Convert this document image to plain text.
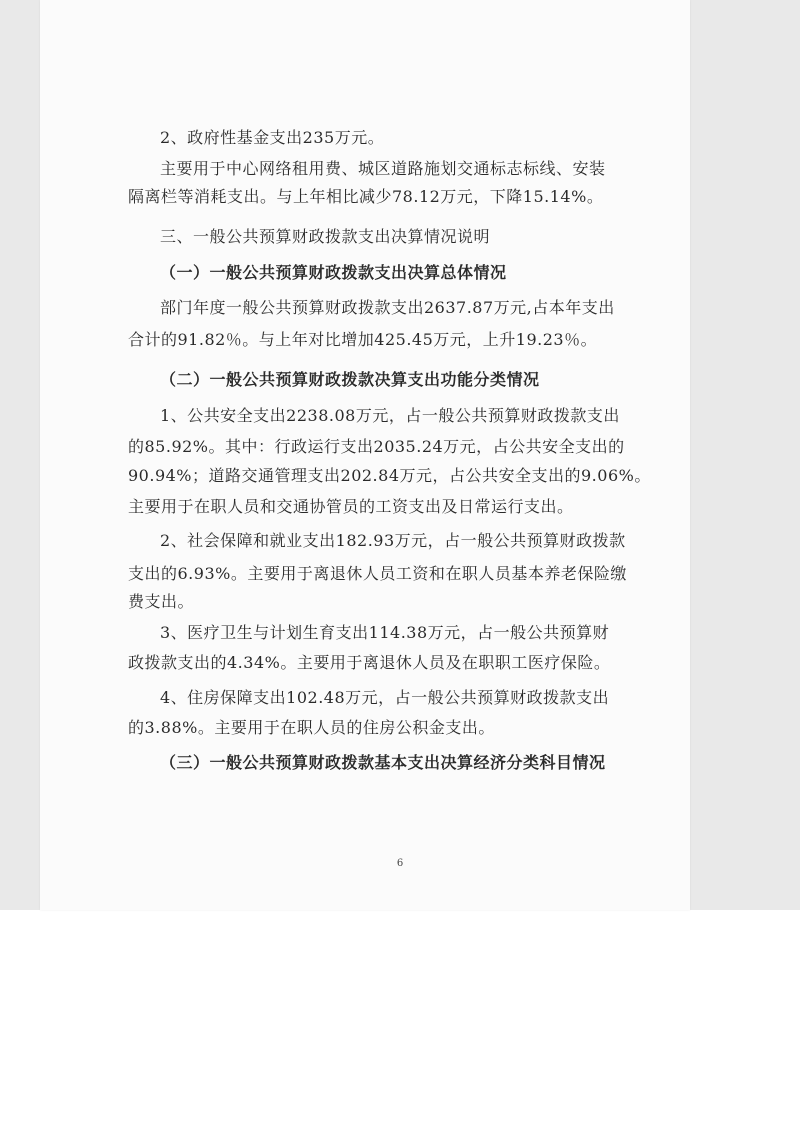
2、政府性基金支出235万元。
主要用于中心网络租用费、城区道路施划交通标志标线、安装
隔离栏等消耗支出。与上年相比减少78.12万元，下降15.14%。
三、一般公共预算财政拨款支出决算情况说明
（一）一般公共预算财政拨款支出决算总体情况
部门年度一般公共预算财政拨款支出2637.87万元,占本年支出
合计的91.82％。与上年对比增加425.45万元，上升19.23％。
（二）一般公共预算财政拨款决算支出功能分类情况
1、公共安全支出2238.08万元，占一般公共预算财政拨款支出
的85.92%。其中：行政运行支出2035.24万元，占公共安全支出的
90.94%；道路交通管理支出202.84万元，占公共安全支出的9.06%。
主要用于在职人员和交通协管员的工资支出及日常运行支出。
2、社会保障和就业支出182.93万元，占一般公共预算财政拨款
支出的6.93%。主要用于离退休人员工资和在职人员基本养老保险缴
费支出。
3、医疗卫生与计划生育支出114.38万元，占一般公共预算财
政拨款支出的4.34%。主要用于离退休人员及在职职工医疗保险。
4、住房保障支出102.48万元，占一般公共预算财政拨款支出
的3.88%。主要用于在职人员的住房公积金支出。
（三）一般公共预算财政拨款基本支出决算经济分类科目情况
6
